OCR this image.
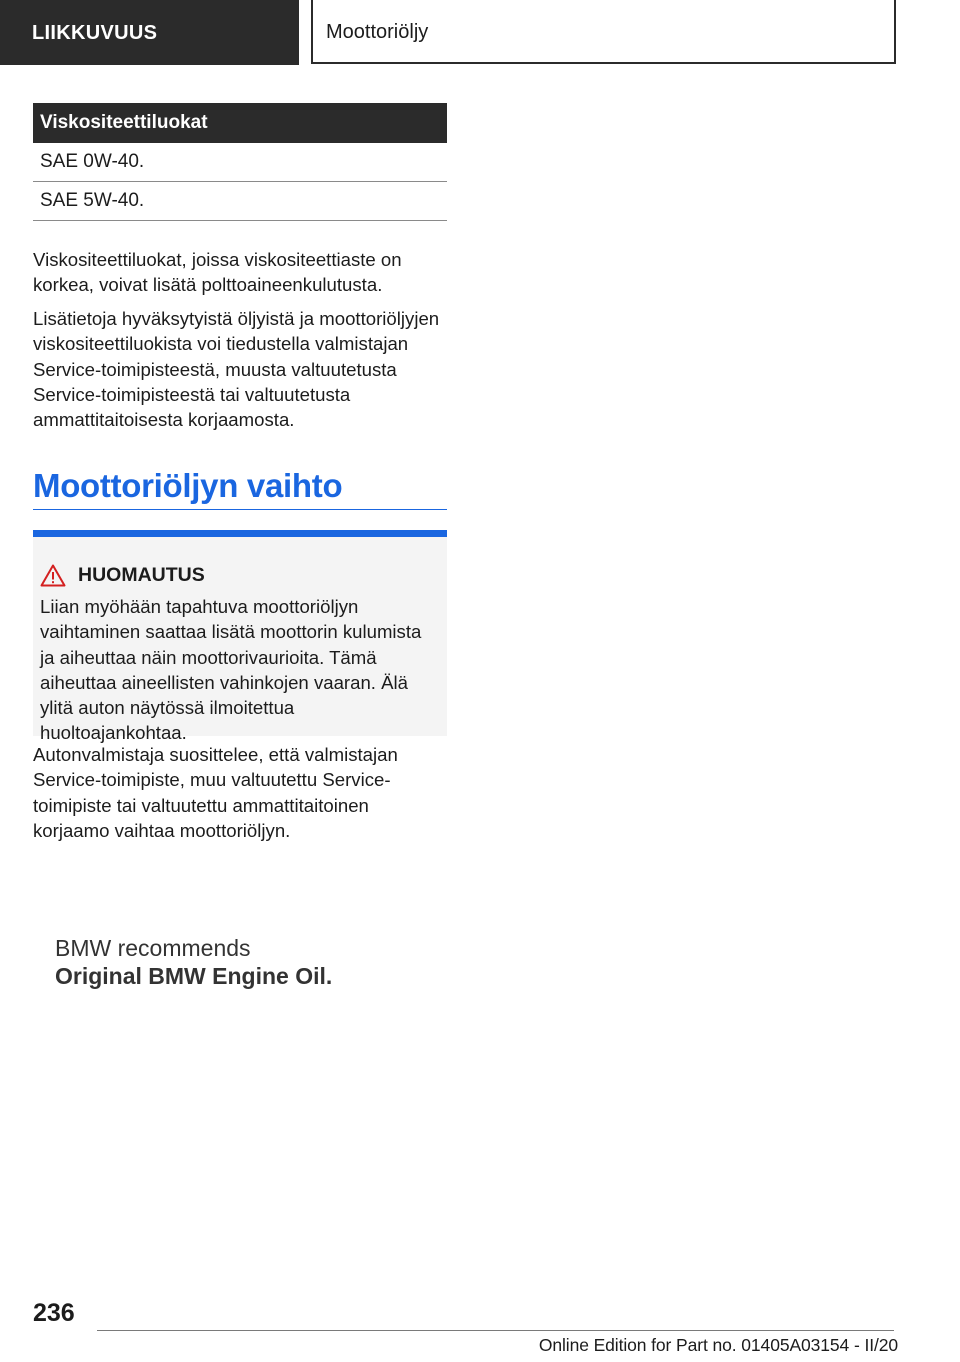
LIIKKUVUUS	Moottoriöljy
Viskositeettiluokat
SAE 0W-40.
SAE 5W-40.

Viskositeettiluokat, joissa viskositeettiaste on korkea, voivat lisätä polttoaineenkulutusta.

Lisätietoja hyväksytyistä öljyistä ja moottoriöljyjen viskositeettiluokista voi tiedustella valmistajan Service-toimipisteestä, muusta valtuutetusta Service-toimipisteestä tai valtuutetusta ammattitaitoisesta korjaamosta.

Moottoriöljyn vaihto
HUOMAUTUS

Liian myöhään tapahtuva moottoriöljyn vaihtaminen saattaa lisätä moottorin kulumista ja aiheuttaa näin moottorivaurioita. Tämä aiheuttaa aineellisten vahinkojen vaaran. Älä ylitä auton näytössä ilmoitettua huoltoajankohtaa.

Autonvalmistaja suosittelee, että valmistajan Service-toimipiste, muu valtuutettu Service-toimipiste tai valtuutettu ammattitaitoinen korjaamo vaihtaa moottoriöljyn.

BMW recommends
Original BMW Engine Oil.
236
Online Edition for Part no. 01405A03154 - II/20
